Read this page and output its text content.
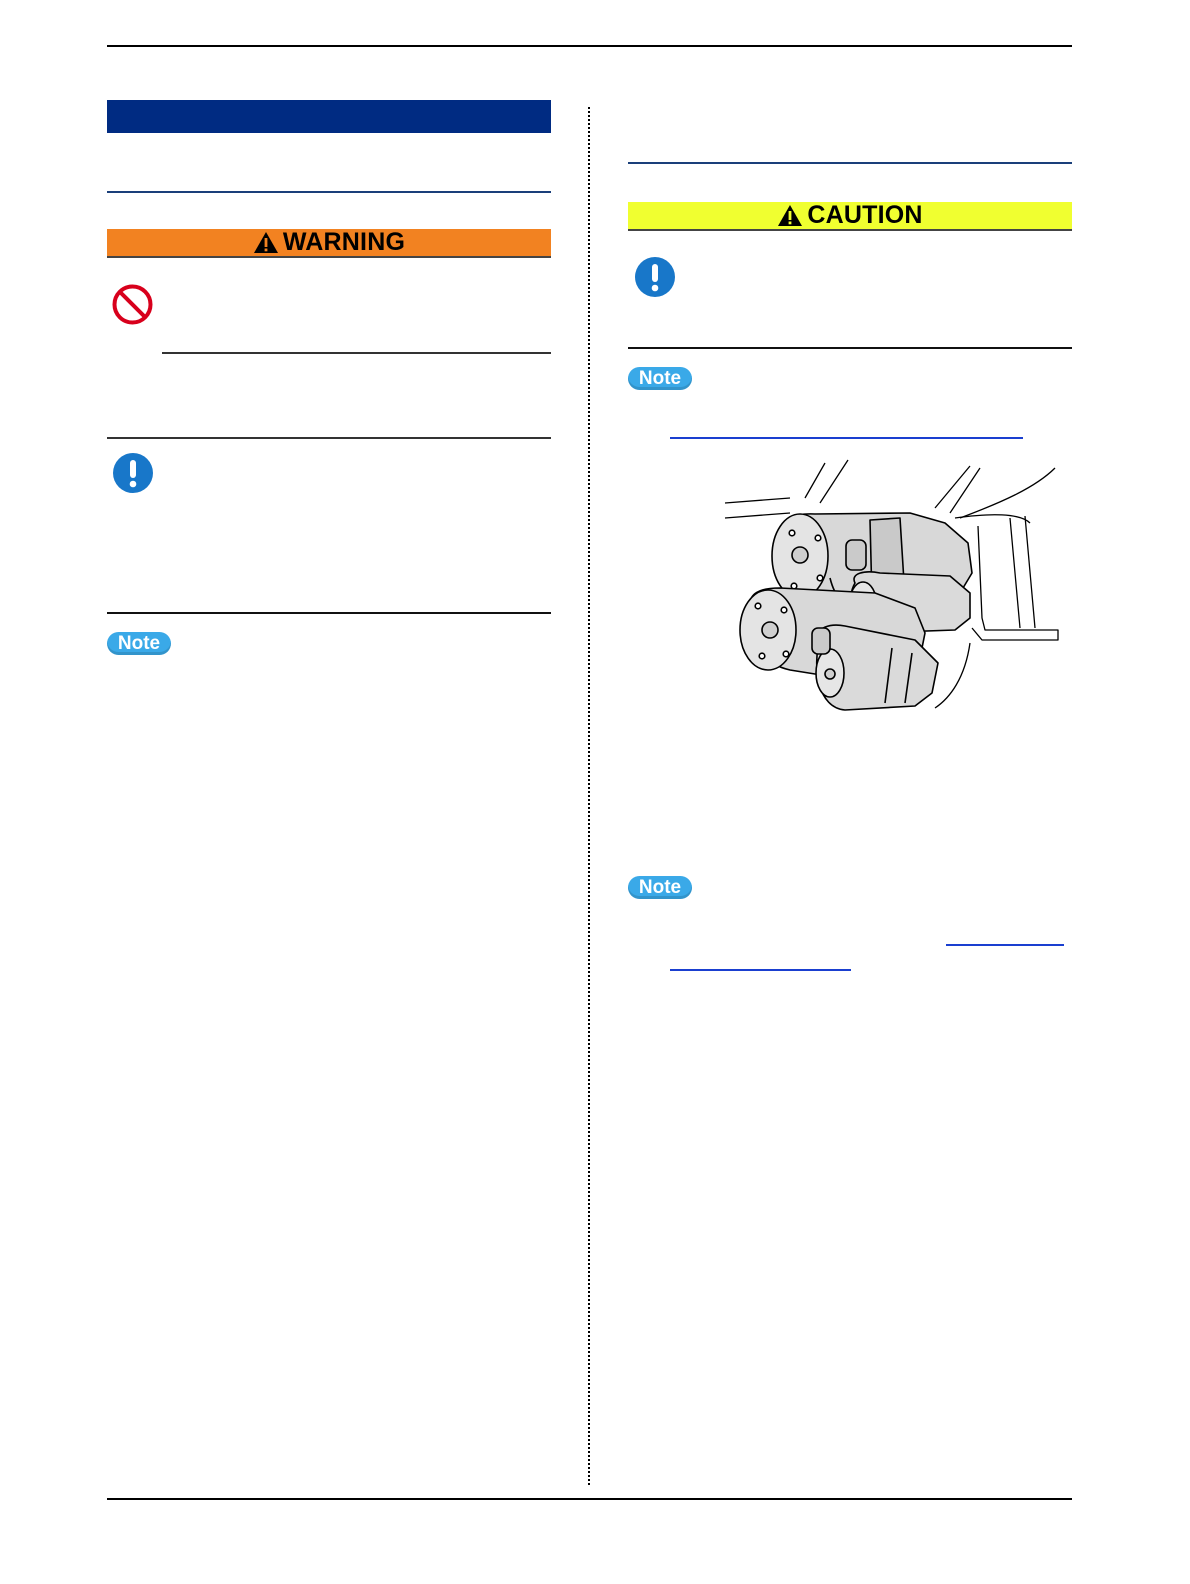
WARNING
Note
CAUTION
Note
Note
